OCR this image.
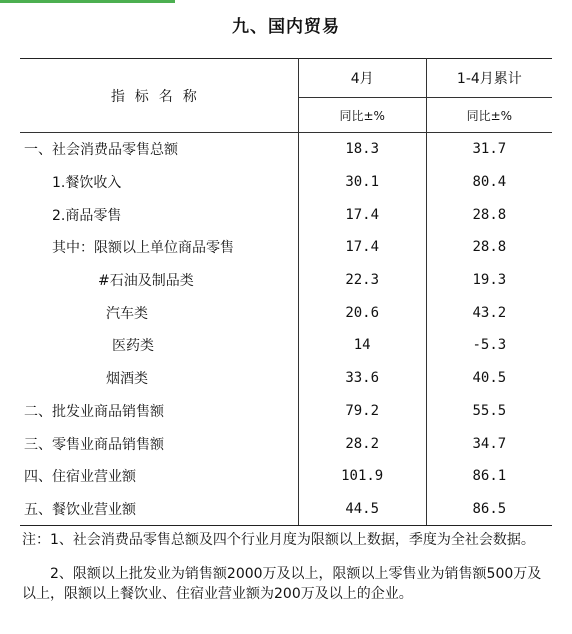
九、国内贸易
指标名称	4月	1-4月累计
	同比±%	同比±%
一、社会消费品零售总额	18.3	31.7
1.餐饮收入	30.1	80.4
2.商品零售	17.4	28.8
其中：限额以上单位商品零售	17.4	28.8
#石油及制品类	22.3	19.3
汽车类	20.6	43.2
医药类	14	-5.3
烟酒类	33.6	40.5
二、批发业商品销售额	79.2	55.5
三、零售业商品销售额	28.2	34.7
四、住宿业营业额	101.9	86.1
五、餐饮业营业额	44.5	86.5

注：1、社会消费品零售总额及四个行业月度为限额以上数据，季度为全社会数据。

2、限额以上批发业为销售额2000万及以上，限额以上零售业为销售额500万及以上，限额以上餐饮业、住宿业营业额为200万及以上的企业。
